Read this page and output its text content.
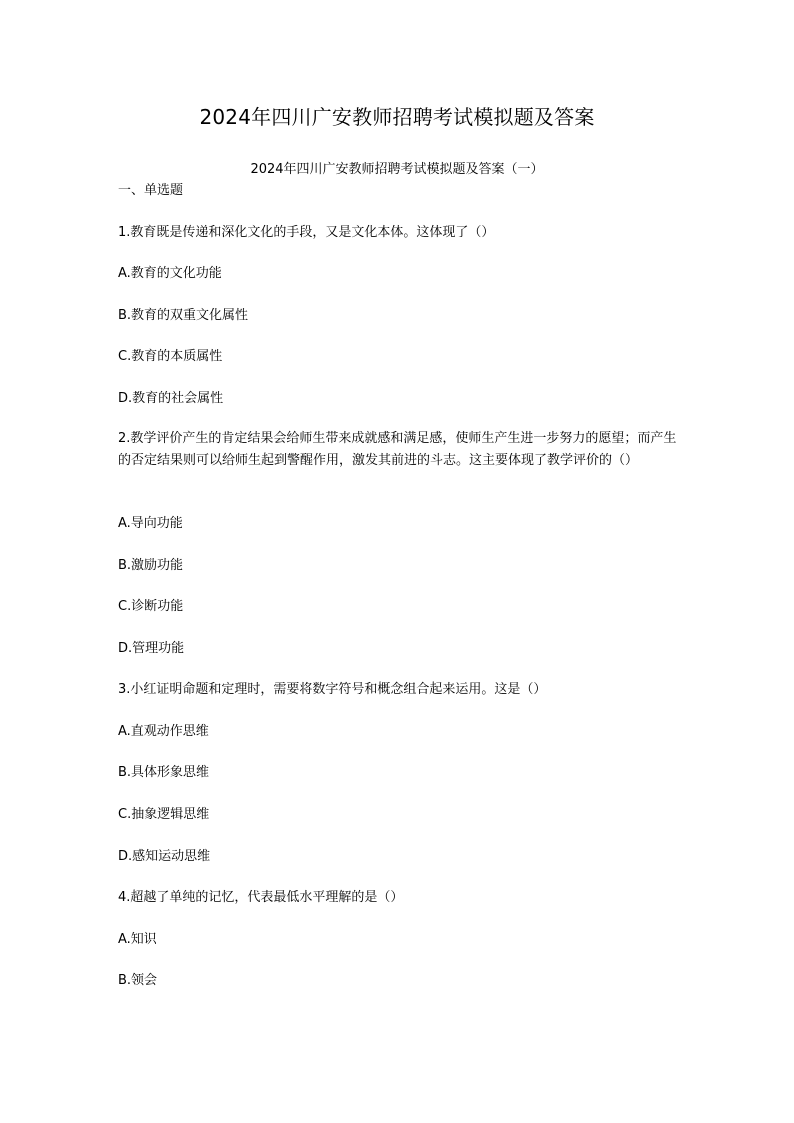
2024年四川广安教师招聘考试模拟题及答案
2024年四川广安教师招聘考试模拟题及答案（一）
一、单选题

1.教育既是传递和深化文化的手段，又是文化本体。这体现了（）

A.教育的文化功能

B.教育的双重文化属性

C.教育的本质属性

D.教育的社会属性

2.教学评价产生的肯定结果会给师生带来成就感和满足感，使师生产生进一步努力的愿望；而产生的否定结果则可以给师生起到警醒作用，激发其前进的斗志。这主要体现了教学评价的（）

A.导向功能

B.激励功能

C.诊断功能

D.管理功能

3.小红证明命题和定理时，需要将数字符号和概念组合起来运用。这是（）

A.直观动作思维

B.具体形象思维

C.抽象逻辑思维

D.感知运动思维

4.超越了单纯的记忆，代表最低水平理解的是（）

A.知识

B.领会
